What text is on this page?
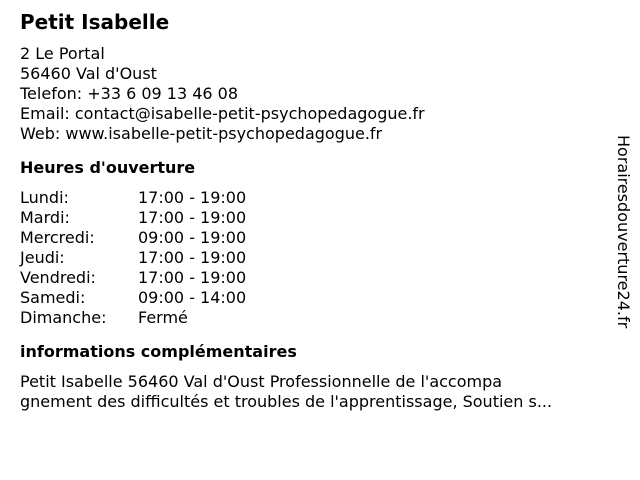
Petit Isabelle
2 Le Portal
56460 Val d'Oust
Telefon: +33 6 09 13 46 08
Email: contact@isabelle-petit-psychopedagogue.fr
Web: www.isabelle-petit-psychopedagogue.fr
Heures d'ouverture
Lundi:	17:00 - 19:00
Mardi:	17:00 - 19:00
Mercredi:	09:00 - 19:00
Jeudi:	17:00 - 19:00
Vendredi:	17:00 - 19:00
Samedi:	09:00 - 14:00
Dimanche:	Fermé
informations complémentaires
Petit Isabelle 56460 Val d'Oust Professionnelle de l'accompa
gnement des difficultés et troubles de l'apprentissage, Soutien s...
Horairesdouverture24.fr
